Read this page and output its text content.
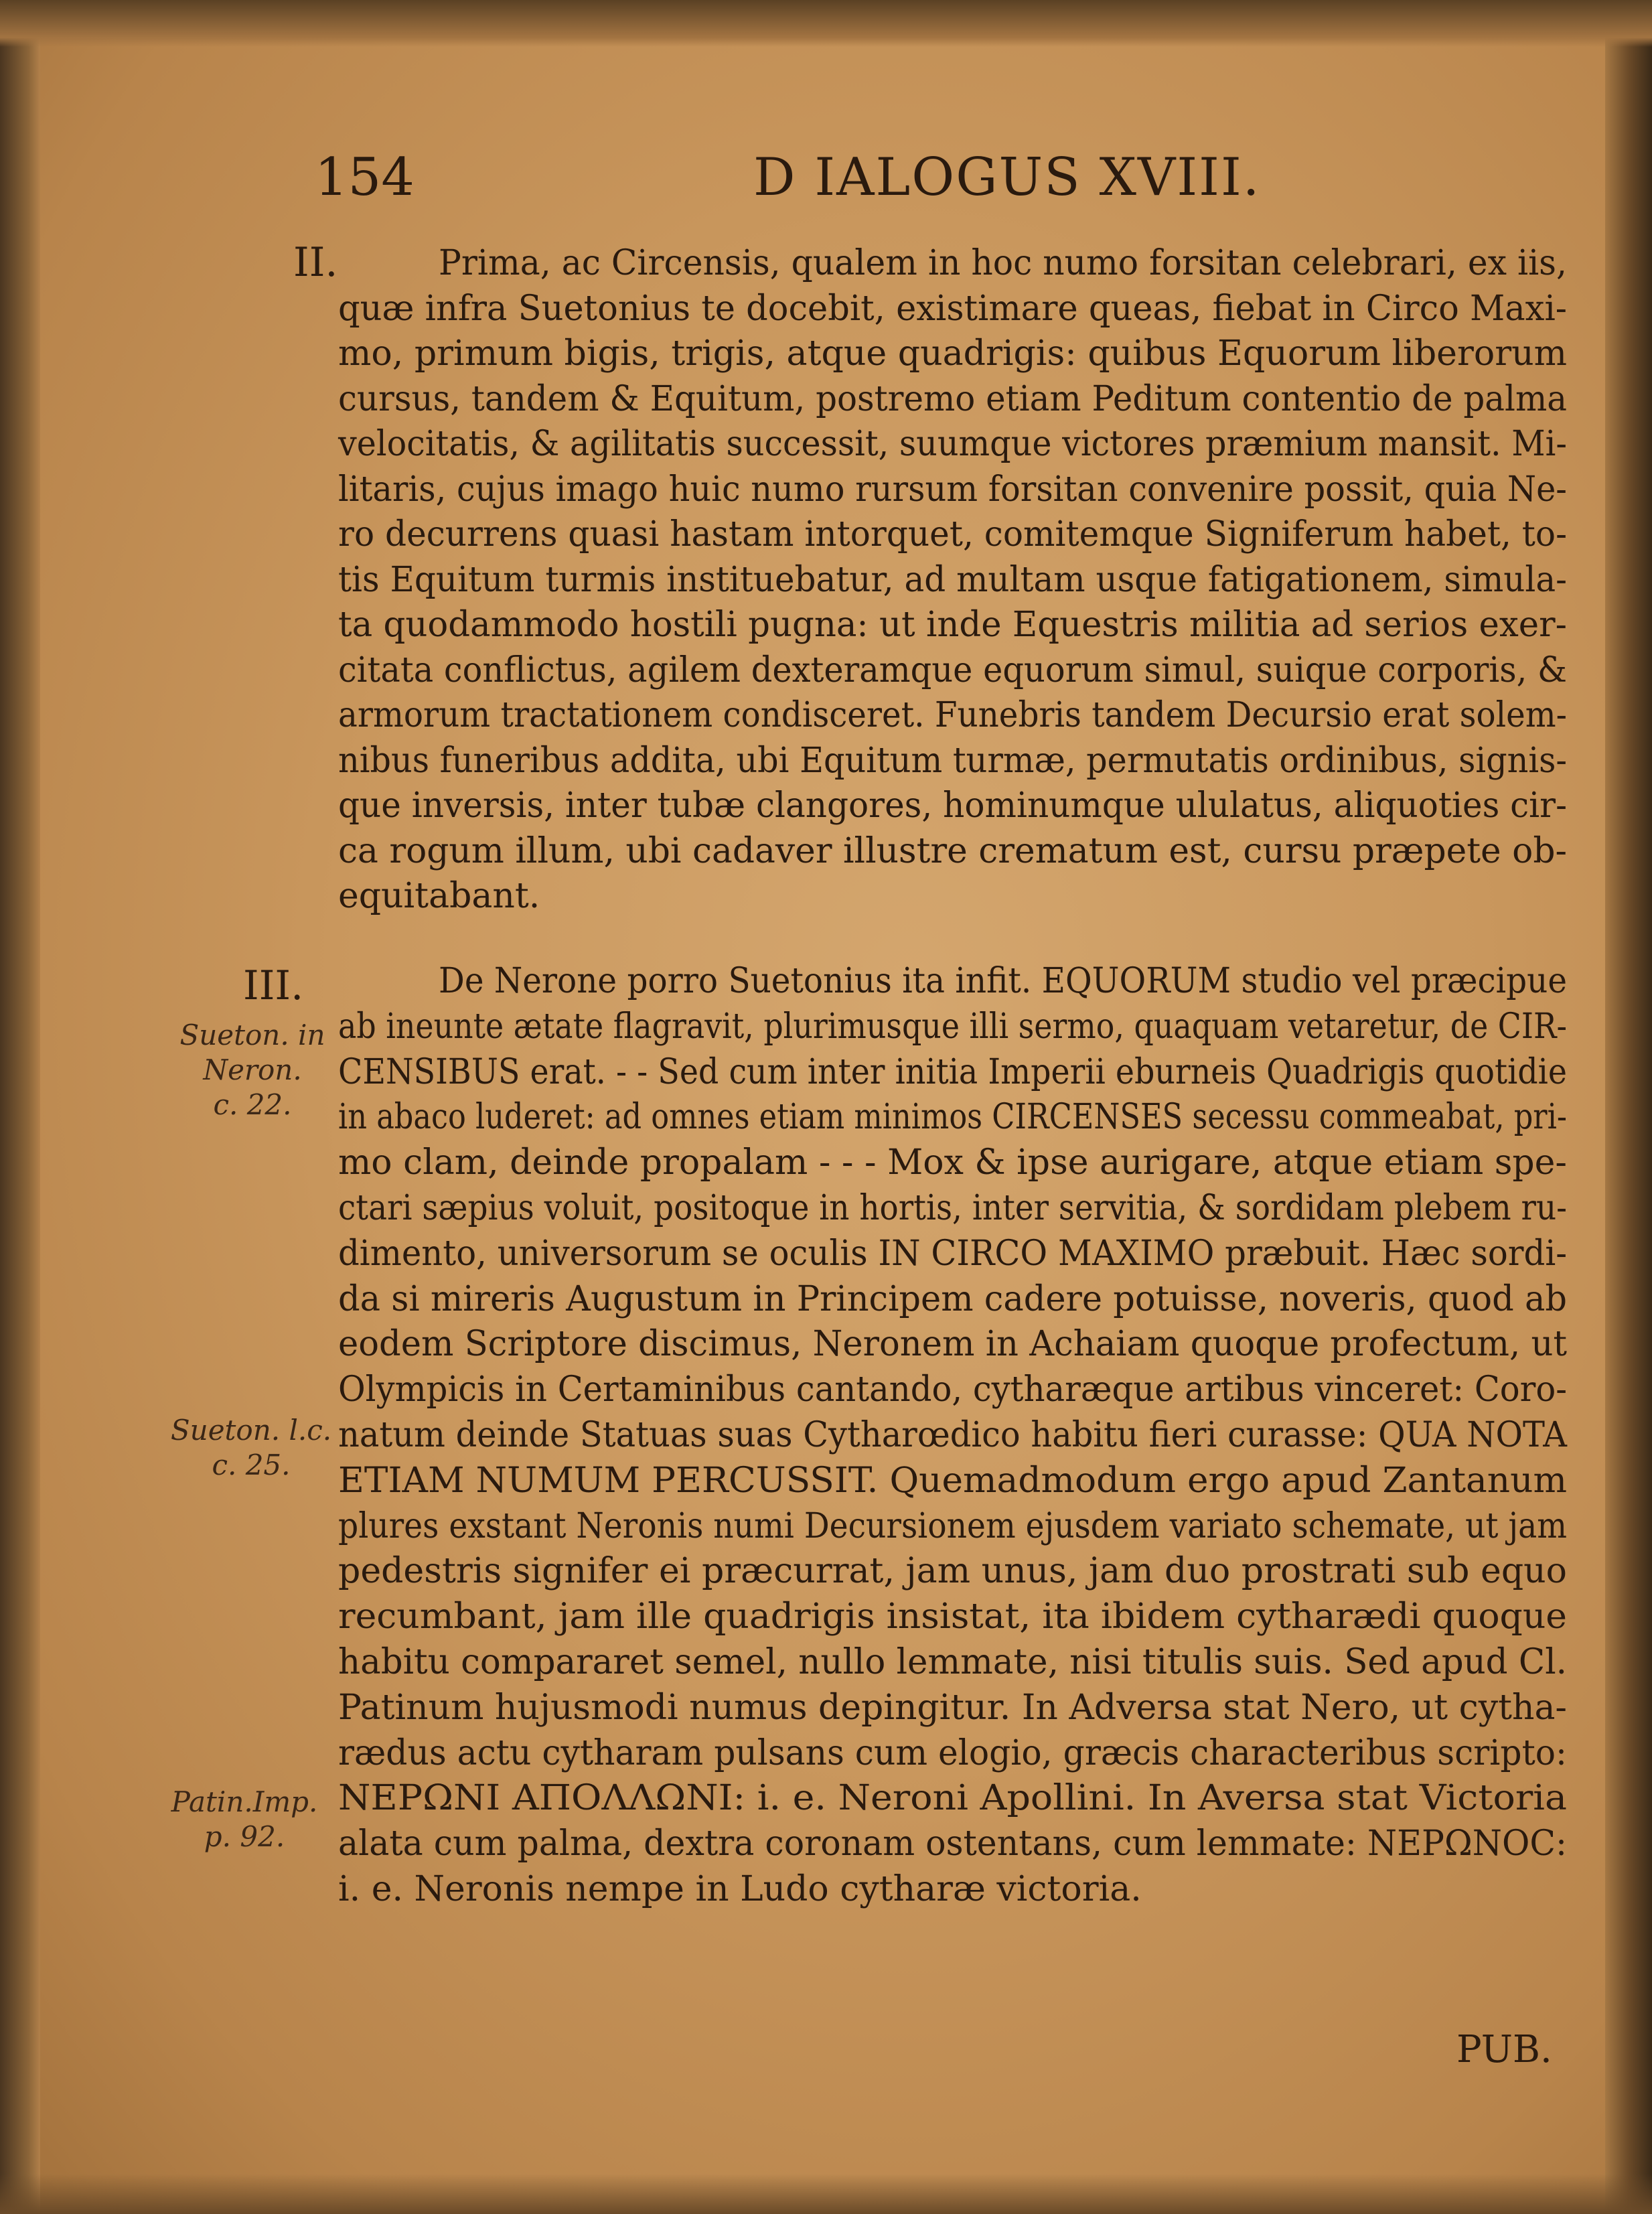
154	D IALOGUS XVIII.
II.	Prima, ac Circensis, qualem in hoc numo forsitan celebrari, ex iis,
quæ infra Suetonius te docebit, existimare queas, fiebat in Circo Maxi-
mo, primum bigis, trigis, atque quadrigis: quibus Equorum liberorum
cursus, tandem & Equitum, postremo etiam Peditum contentio de palma
velocitatis, & agilitatis successit, suumque victores præmium mansit. Mi-
litaris, cujus imago huic numo rursum forsitan convenire possit, quia Ne-
ro decurrens quasi hastam intorquet, comitemque Signiferum habet, to-
tis Equitum turmis instituebatur, ad multam usque fatigationem, simula-
ta quodammodo hostili pugna: ut inde Equestris militia ad serios exer-
citata conflictus, agilem dexteramque equorum simul, suique corporis, &
armorum tractationem condisceret. Funebris tandem Decursio erat solem-
nibus funeribus addita, ubi Equitum turmæ, permutatis ordinibus, signis-
que inversis, inter tubæ clangores, hominumque ululatus, aliquoties cir-
ca rogum illum, ubi cadaver illustre crematum est, cursu præpete ob-
equitabant.
III.	De Nerone porro Suetonius ita infit. EQUORUM studio vel præcipue
ab ineunte ætate flagravit, plurimusque illi sermo, quaquam vetaretur, de CIR-
CENSIBUS erat. - - Sed cum inter initia Imperii eburneis Quadrigis quotidie
in abaco luderet: ad omnes etiam minimos CIRCENSES secessu commeabat, pri-
mo clam, deinde propalam - - - Mox & ipse aurigare, atque etiam spe-
ctari sæpius voluit, positoque in hortis, inter servitia, & sordidam plebem ru-
dimento, universorum se oculis IN CIRCO MAXIMO præbuit. Hæc sordi-
da si mireris Augustum in Principem cadere potuisse, noveris, quod ab
eodem Scriptore discimus, Neronem in Achaiam quoque profectum, ut
Olympicis in Certaminibus cantando, cytharæque artibus vinceret: Coro-
natum deinde Statuas suas Cytharœdico habitu fieri curasse: QUA NOTA
ETIAM NUMUM PERCUSSIT. Quemadmodum ergo apud Zantanum
plures exstant Neronis numi Decursionem ejusdem variato schemate, ut jam
pedestris signifer ei præcurrat, jam unus, jam duo prostrati sub equo
recumbant, jam ille quadrigis insistat, ita ibidem cytharædi quoque
habitu compararet semel, nullo lemmate, nisi titulis suis. Sed apud Cl.
Patinum hujusmodi numus depingitur. In Adversa stat Nero, ut cytha-
rædus actu cytharam pulsans cum elogio, græcis characteribus scripto:
ΝΕΡΩΝΙ ΑΠΟΛΛΩΝΙ: i. e. Neroni Apollini. In Aversa stat Victoria
alata cum palma, dextra coronam ostentans, cum lemmate: ΝΕΡΩΝΟϹ:
i. e. Neronis nempe in Ludo cytharæ victoria.
Sueton. in
Neron.
c. 22.
Sueton. l.c.
c. 25.
Patin.Imp.
p. 92.
PUB.
